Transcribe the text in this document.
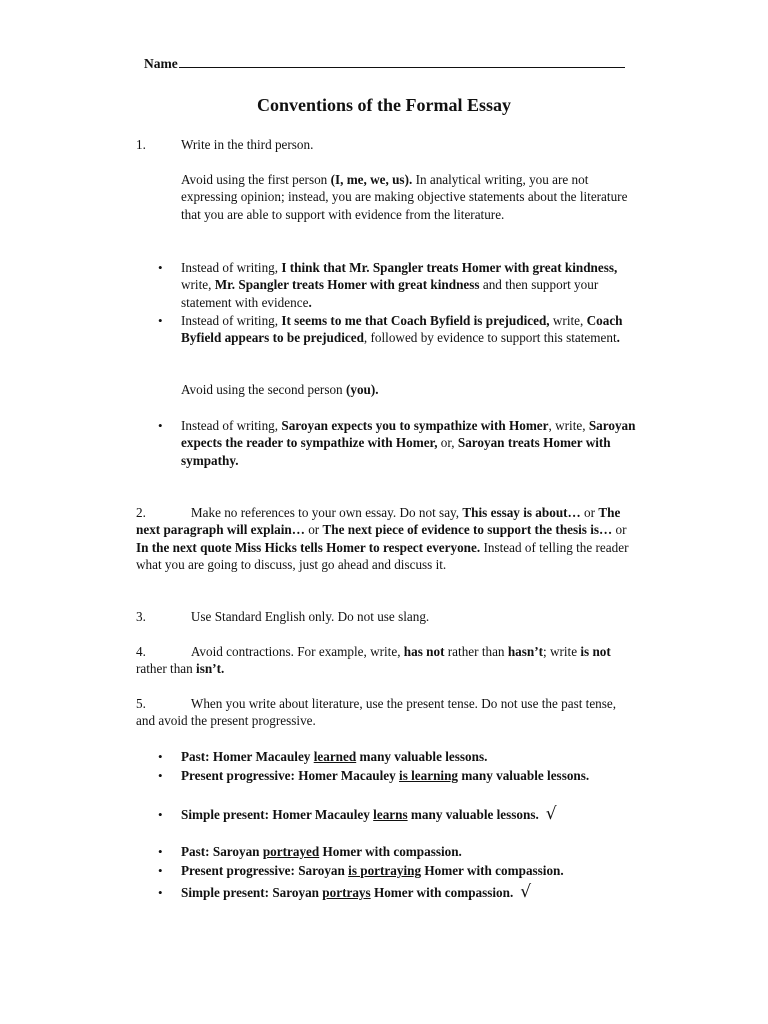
Name
Conventions of the Formal Essay
1.	Write in the third person.
Avoid using the first person (I, me, we, us). In analytical writing, you are not expressing opinion; instead, you are making objective statements about the literature that you are able to support with evidence from the literature.
• Instead of writing, I think that Mr. Spangler treats Homer with great kindness, write, Mr. Spangler treats Homer with great kindness and then support your statement with evidence.
• Instead of writing, It seems to me that Coach Byfield is prejudiced, write, Coach Byfield appears to be prejudiced, followed by evidence to support this statement.
Avoid using the second person (you).
• Instead of writing, Saroyan expects you to sympathize with Homer, write, Saroyan expects the reader to sympathize with Homer, or, Saroyan treats Homer with sympathy.
2.	Make no references to your own essay. Do not say, This essay is about… or The next paragraph will explain… or The next piece of evidence to support the thesis is… or In the next quote Miss Hicks tells Homer to respect everyone. Instead of telling the reader what you are going to discuss, just go ahead and discuss it.
3.	Use Standard English only. Do not use slang.
4.	Avoid contractions. For example, write, has not rather than hasn’t; write is not rather than isn’t.
5.	When you write about literature, use the present tense. Do not use the past tense, and avoid the present progressive.
• Past: Homer Macauley learned many valuable lessons.
• Present progressive: Homer Macauley is learning many valuable lessons.
• Simple present: Homer Macauley learns many valuable lessons. √
• Past: Saroyan portrayed Homer with compassion.
• Present progressive: Saroyan is portraying Homer with compassion.
• Simple present: Saroyan portrays Homer with compassion. √
